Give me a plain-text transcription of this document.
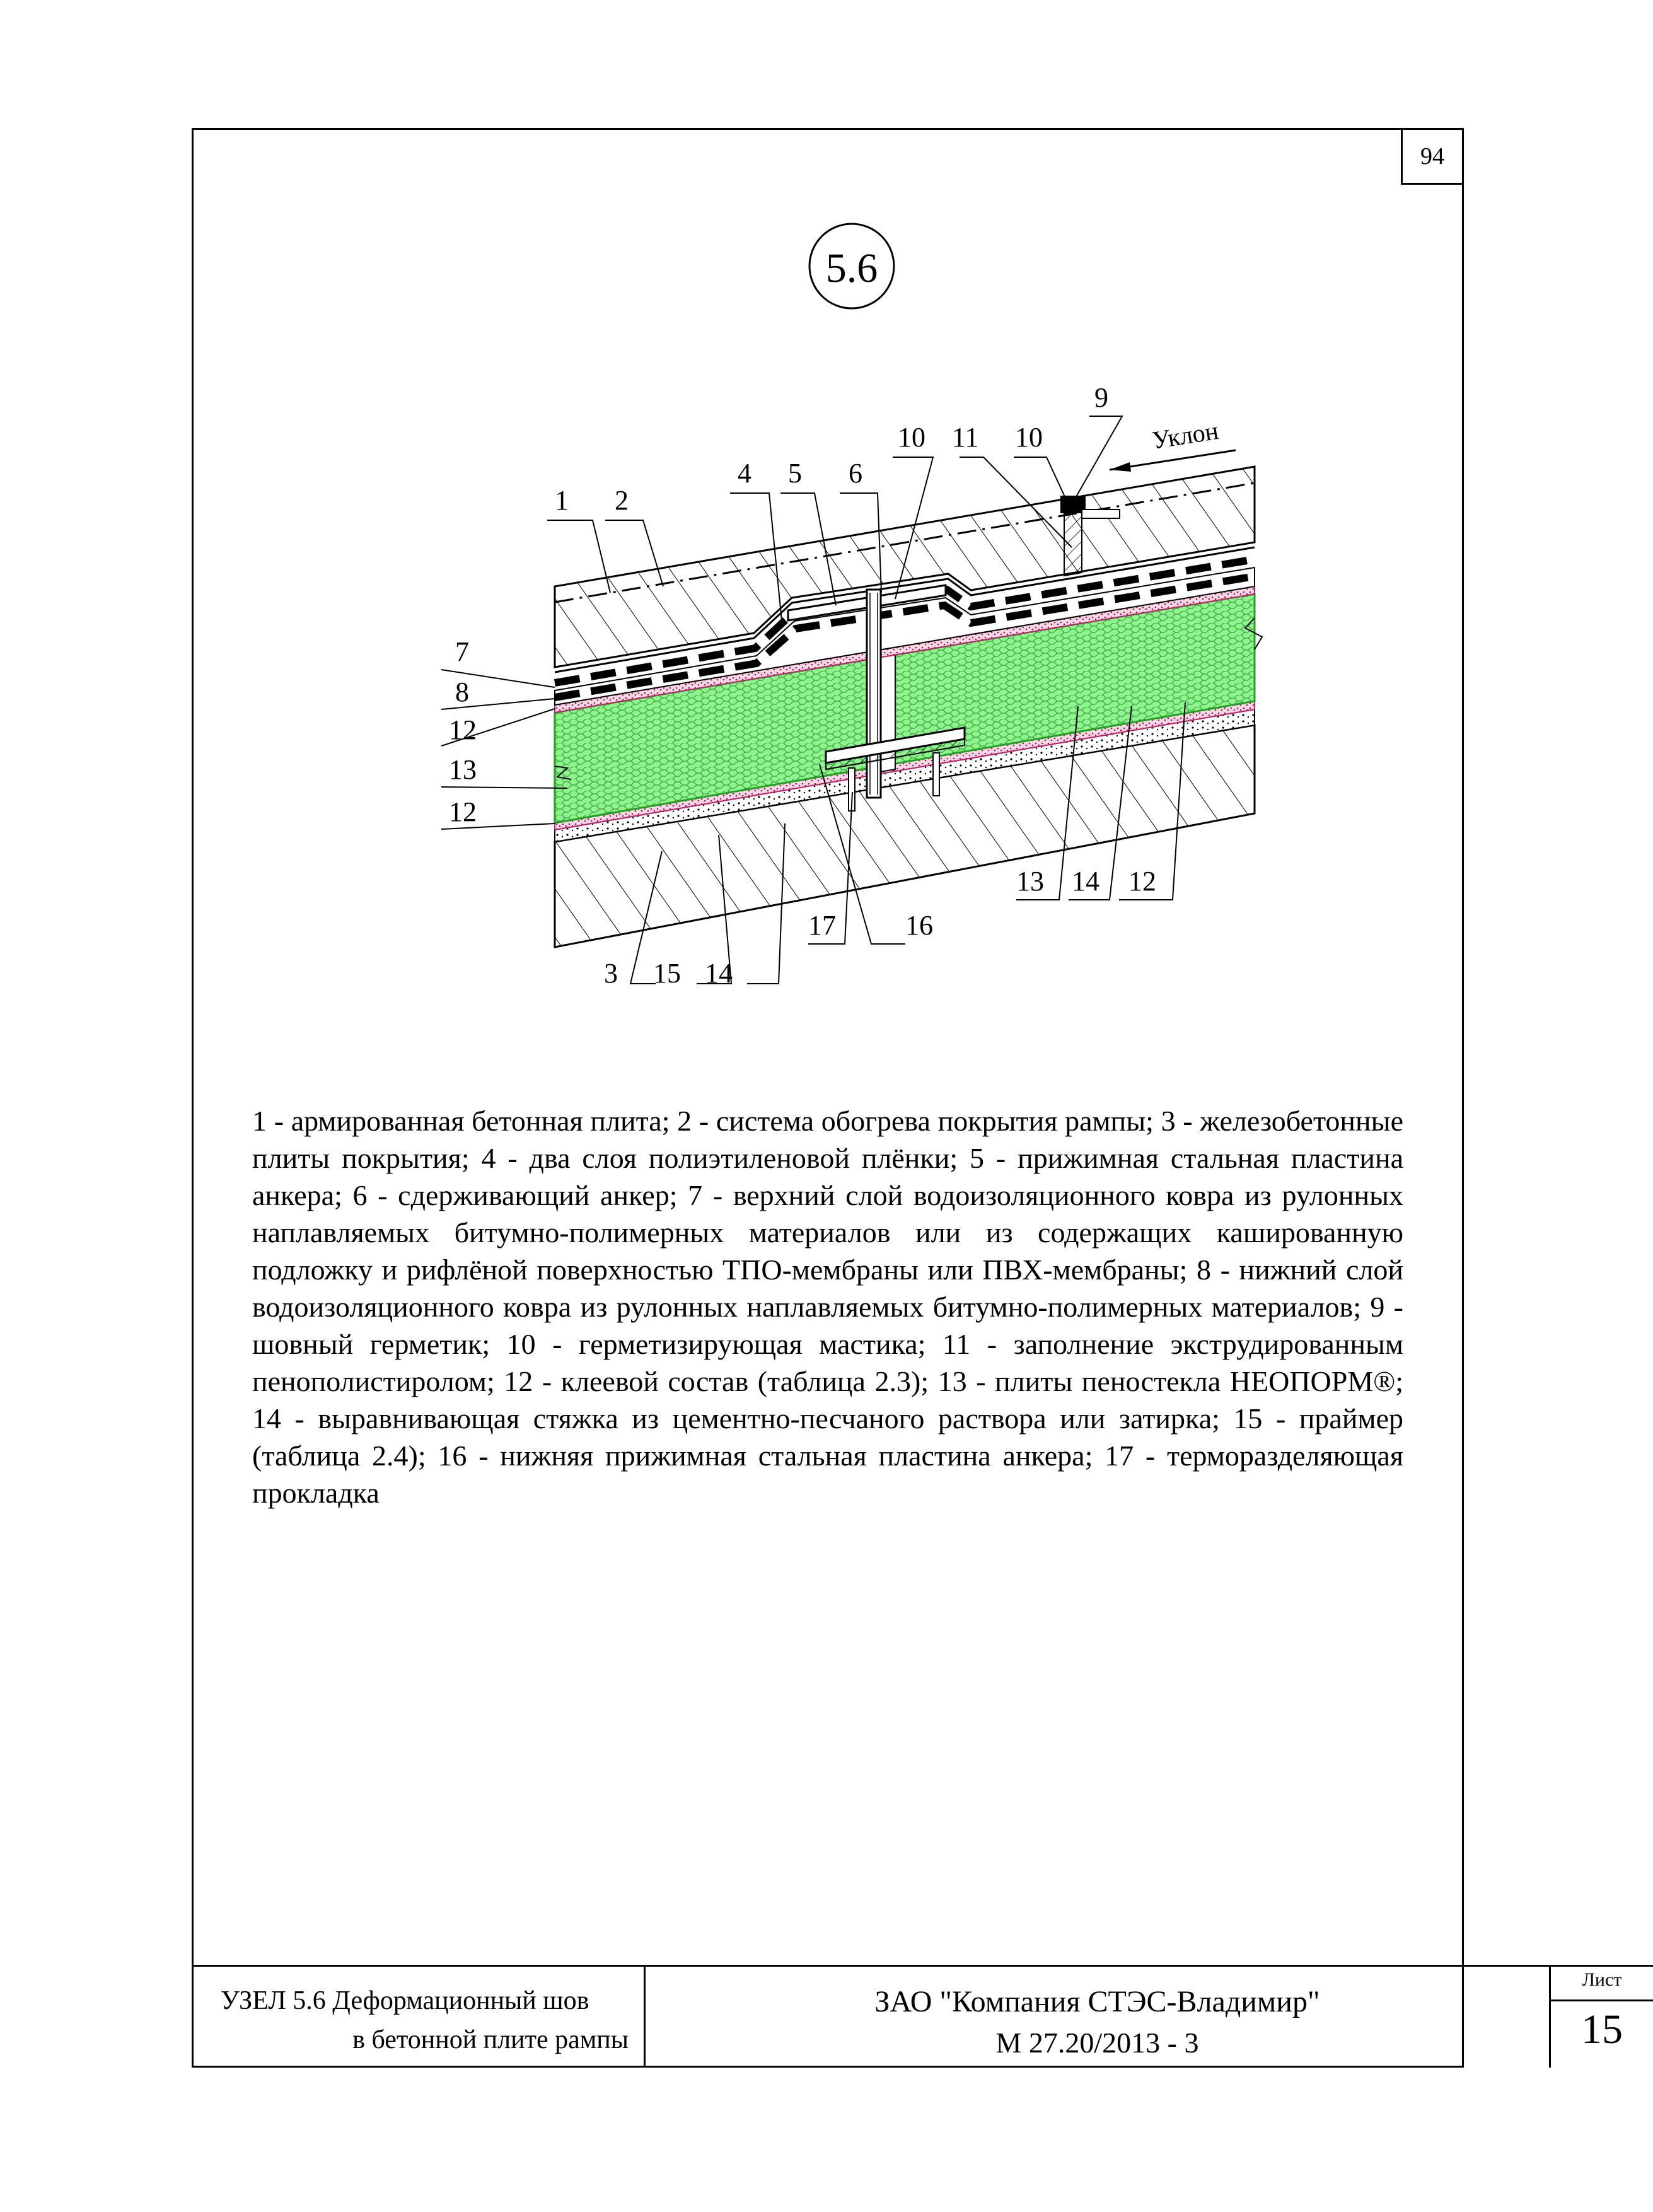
94
5.6
Уклон
1 2
3
4 5 6
7
8
9
10 11 10
12
13
12
13 14 12
15 14
16
17

1 - армированная бетонная плита; 2 - система обогрева покрытия рампы; 3 - железобетонные плиты покрытия; 4 - два слоя полиэтиленовой плёнки; 5 - прижимная стальная пластина анкера; 6 - сдерживающий анкер; 7 - верхний слой водоизоляционного ковра из рулонных наплавляемых битумно-полимерных материалов или из содержащих кашированную подложку и рифлёной поверхностью ТПО-мембраны или ПВХ-мембраны; 8 - нижний слой водоизоляционного ковра из рулонных наплавляемых битумно-полимерных материалов; 9 - шовный герметик; 10 - герметизирующая мастика; 11 - заполнение экструдированным пенополистиролом; 12 - клеевой состав (таблица 2.3); 13 - плиты пеностекла НЕОПОРМ®; 14 - выравнивающая стяжка из цементно-песчаного раствора или затирка; 15 - праймер (таблица 2.4); 16 - нижняя прижимная стальная пластина анкера; 17 - терморазделяющая прокладка

УЗЕЛ 5.6 Деформационный шов
в бетонной плите рампы
ЗАО "Компания СТЭС-Владимир"
М 27.20/2013 - 3
Лист
15
